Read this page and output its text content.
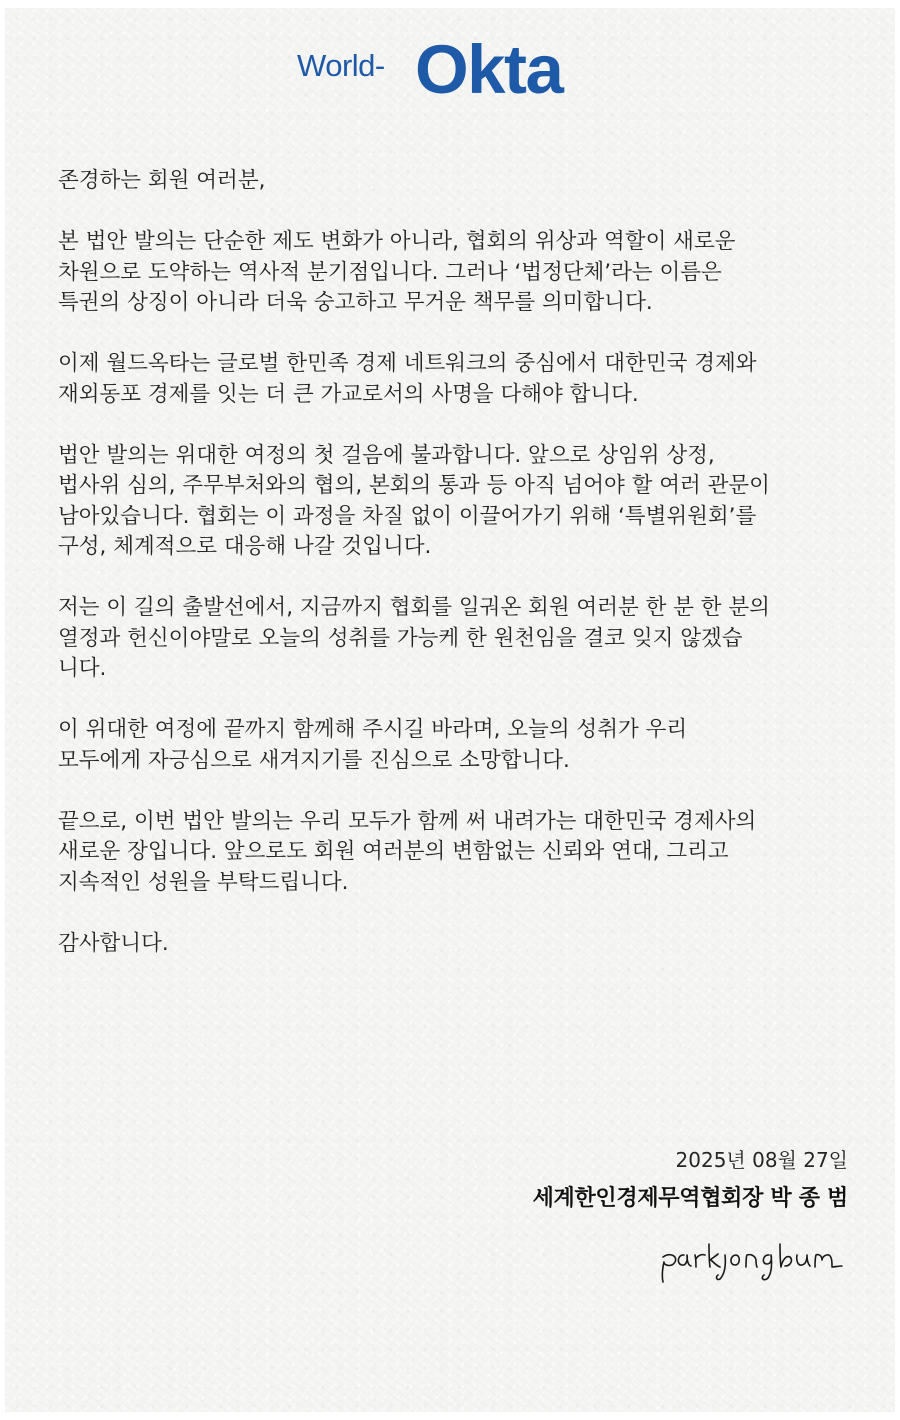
World- Okta

존경하는 회원 여러분,

본 법안 발의는 단순한 제도 변화가 아니라, 협회의 위상과 역할이 새로운
차원으로 도약하는 역사적 분기점입니다. 그러나 ‘법정단체’라는 이름은
특권의 상징이 아니라 더욱 숭고하고 무거운 책무를 의미합니다.

이제 월드옥타는 글로벌 한민족 경제 네트워크의 중심에서 대한민국 경제와
재외동포 경제를 잇는 더 큰 가교로서의 사명을 다해야 합니다.

법안 발의는 위대한 여정의 첫 걸음에 불과합니다. 앞으로 상임위 상정,
법사위 심의, 주무부처와의 협의, 본회의 통과 등 아직 넘어야 할 여러 관문이
남아있습니다. 협회는 이 과정을 차질 없이 이끌어가기 위해 ‘특별위원회’를
구성, 체계적으로 대응해 나갈 것입니다.

저는 이 길의 출발선에서, 지금까지 협회를 일궈온 회원 여러분 한 분 한 분의
열정과 헌신이야말로 오늘의 성취를 가능케 한 원천임을 결코 잊지 않겠습
니다.

이 위대한 여정에 끝까지 함께해 주시길 바라며, 오늘의 성취가 우리
모두에게 자긍심으로 새겨지기를 진심으로 소망합니다.

끝으로, 이번 법안 발의는 우리 모두가 함께 써 내려가는 대한민국 경제사의
새로운 장입니다. 앞으로도 회원 여러분의 변함없는 신뢰와 연대, 그리고
지속적인 성원을 부탁드립니다.

감사합니다.

2025년 08월 27일
세계한인경제무역협회장 박 종 범
